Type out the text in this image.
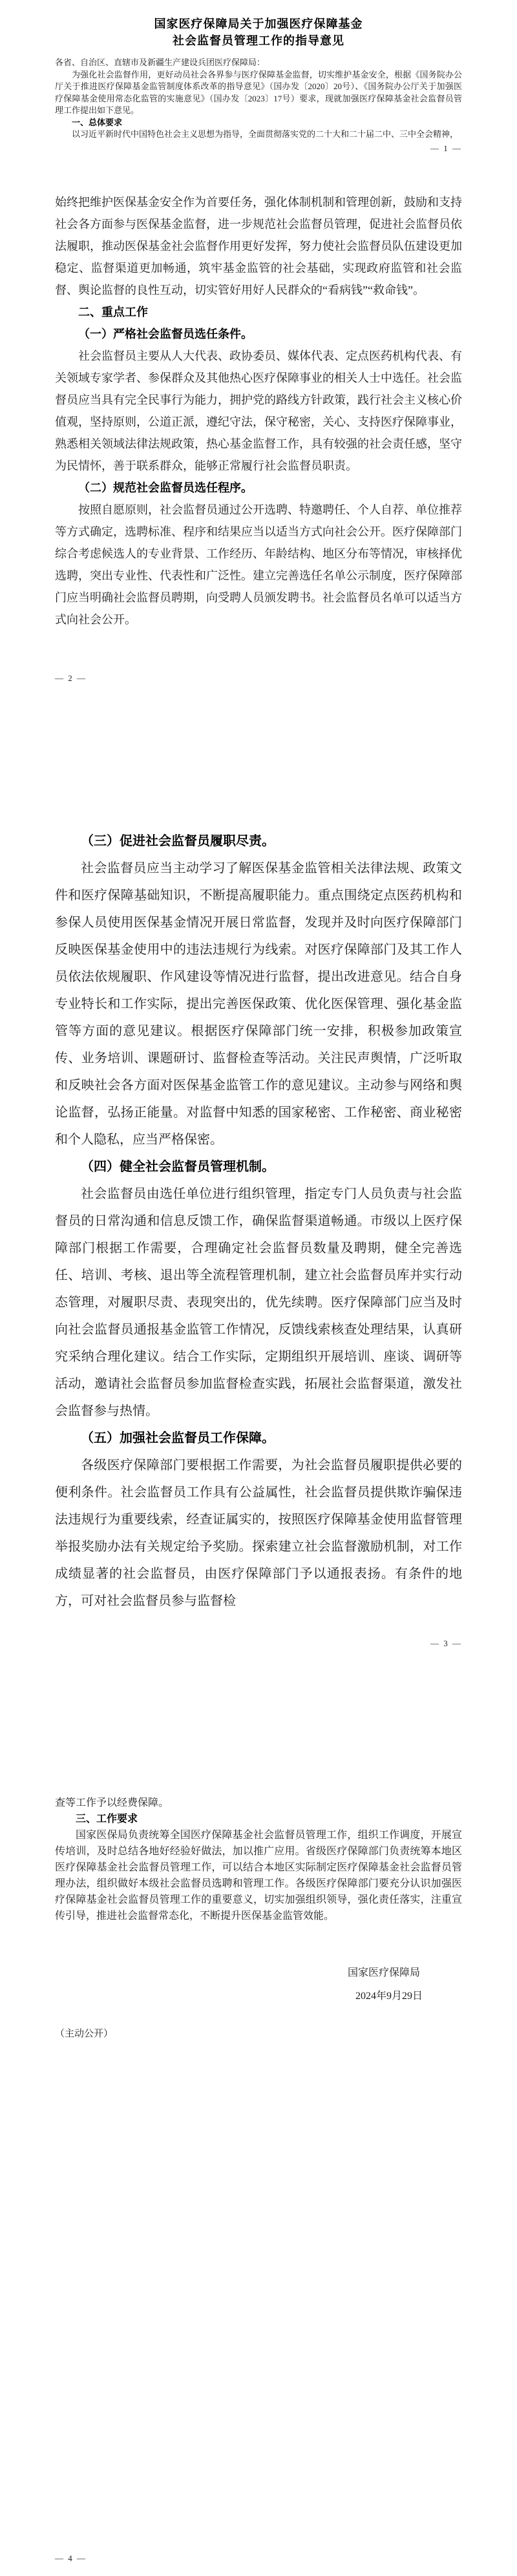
国家医疗保障局关于加强医疗保障基金
社会监督员管理工作的指导意见

各省、自治区、直辖市及新疆生产建设兵团医疗保障局：

为强化社会监督作用，更好动员社会各界参与医疗保障基金监督，切实维护基金安全，根据《国务院办公厅关于推进医疗保障基金监管制度体系改革的指导意见》（国办发〔2020〕20号）、《国务院办公厅关于加强医疗保障基金使用常态化监管的实施意见》（国办发〔2023〕17号）要求，现就加强医疗保障基金社会监督员管理工作提出如下意见。

一、总体要求

以习近平新时代中国特色社会主义思想为指导，全面贯彻落实党的二十大和二十届二中、三中全会精神，

— 1 —

始终把维护医保基金安全作为首要任务，强化体制机制和管理创新，鼓励和支持社会各方面参与医保基金监督，进一步规范社会监督员管理，促进社会监督员依法履职，推动医保基金社会监督作用更好发挥，努力使社会监督员队伍建设更加稳定、监督渠道更加畅通，筑牢基金监管的社会基础，实现政府监管和社会监督、舆论监督的良性互动，切实管好用好人民群众的“看病钱”“救命钱”。

二、重点工作

（一）严格社会监督员选任条件。

社会监督员主要从人大代表、政协委员、媒体代表、定点医药机构代表、有关领域专家学者、参保群众及其他热心医疗保障事业的相关人士中选任。社会监督员应当具有完全民事行为能力，拥护党的路线方针政策，践行社会主义核心价值观，坚持原则，公道正派，遵纪守法，保守秘密，关心、支持医疗保障事业，熟悉相关领域法律法规政策，热心基金监督工作，具有较强的社会责任感，坚守为民情怀，善于联系群众，能够正常履行社会监督员职责。

（二）规范社会监督员选任程序。

按照自愿原则，社会监督员通过公开选聘、特邀聘任、个人自荐、单位推荐等方式确定，选聘标准、程序和结果应当以适当方式向社会公开。医疗保障部门综合考虑候选人的专业背景、工作经历、年龄结构、地区分布等情况，审核择优选聘，突出专业性、代表性和广泛性。建立完善选任名单公示制度，医疗保障部门应当明确社会监督员聘期，向受聘人员颁发聘书。社会监督员名单可以适当方式向社会公开。

— 2 —

（三）促进社会监督员履职尽责。

社会监督员应当主动学习了解医保基金监管相关法律法规、政策文件和医疗保障基础知识，不断提高履职能力。重点围绕定点医药机构和参保人员使用医保基金情况开展日常监督，发现并及时向医疗保障部门反映医保基金使用中的违法违规行为线索。对医疗保障部门及其工作人员依法依规履职、作风建设等情况进行监督，提出改进意见。结合自身专业特长和工作实际，提出完善医保政策、优化医保管理、强化基金监管等方面的意见建议。根据医疗保障部门统一安排，积极参加政策宣传、业务培训、课题研讨、监督检查等活动。关注民声舆情，广泛听取和反映社会各方面对医保基金监管工作的意见建议。主动参与网络和舆论监督，弘扬正能量。对监督中知悉的国家秘密、工作秘密、商业秘密和个人隐私，应当严格保密。

（四）健全社会监督员管理机制。

社会监督员由选任单位进行组织管理，指定专门人员负责与社会监督员的日常沟通和信息反馈工作，确保监督渠道畅通。市级以上医疗保障部门根据工作需要，合理确定社会监督员数量及聘期，健全完善选任、培训、考核、退出等全流程管理机制，建立社会监督员库并实行动态管理，对履职尽责、表现突出的，优先续聘。医疗保障部门应当及时向社会监督员通报基金监管工作情况，反馈线索核查处理结果，认真研究采纳合理化建议。结合工作实际，定期组织开展培训、座谈、调研等活动，邀请社会监督员参加监督检查实践，拓展社会监督渠道，激发社会监督参与热情。

（五）加强社会监督员工作保障。

各级医疗保障部门要根据工作需要，为社会监督员履职提供必要的便利条件。社会监督员工作具有公益属性，社会监督员提供欺诈骗保违法违规行为重要线索，经查证属实的，按照医疗保障基金使用监督管理举报奖励办法有关规定给予奖励。探索建立社会监督激励机制，对工作成绩显著的社会监督员，由医疗保障部门予以通报表扬。有条件的地方，可对社会监督员参与监督检

— 3 —

查等工作予以经费保障。

三、工作要求

国家医保局负责统筹全国医疗保障基金社会监督员管理工作，组织工作调度，开展宣传培训，及时总结各地好经验好做法，加以推广应用。省级医疗保障部门负责统筹本地区医疗保障基金社会监督员管理工作，可以结合本地区实际制定医疗保障基金社会监督员管理办法，组织做好本级社会监督员选聘和管理工作。各级医疗保障部门要充分认识加强医疗保障基金社会监督员管理工作的重要意义，切实加强组织领导，强化责任落实，注重宣传引导，推进社会监督常态化，不断提升医保基金监管效能。

国家医疗保障局
2024年9月29日
（主动公开）
— 4 —
